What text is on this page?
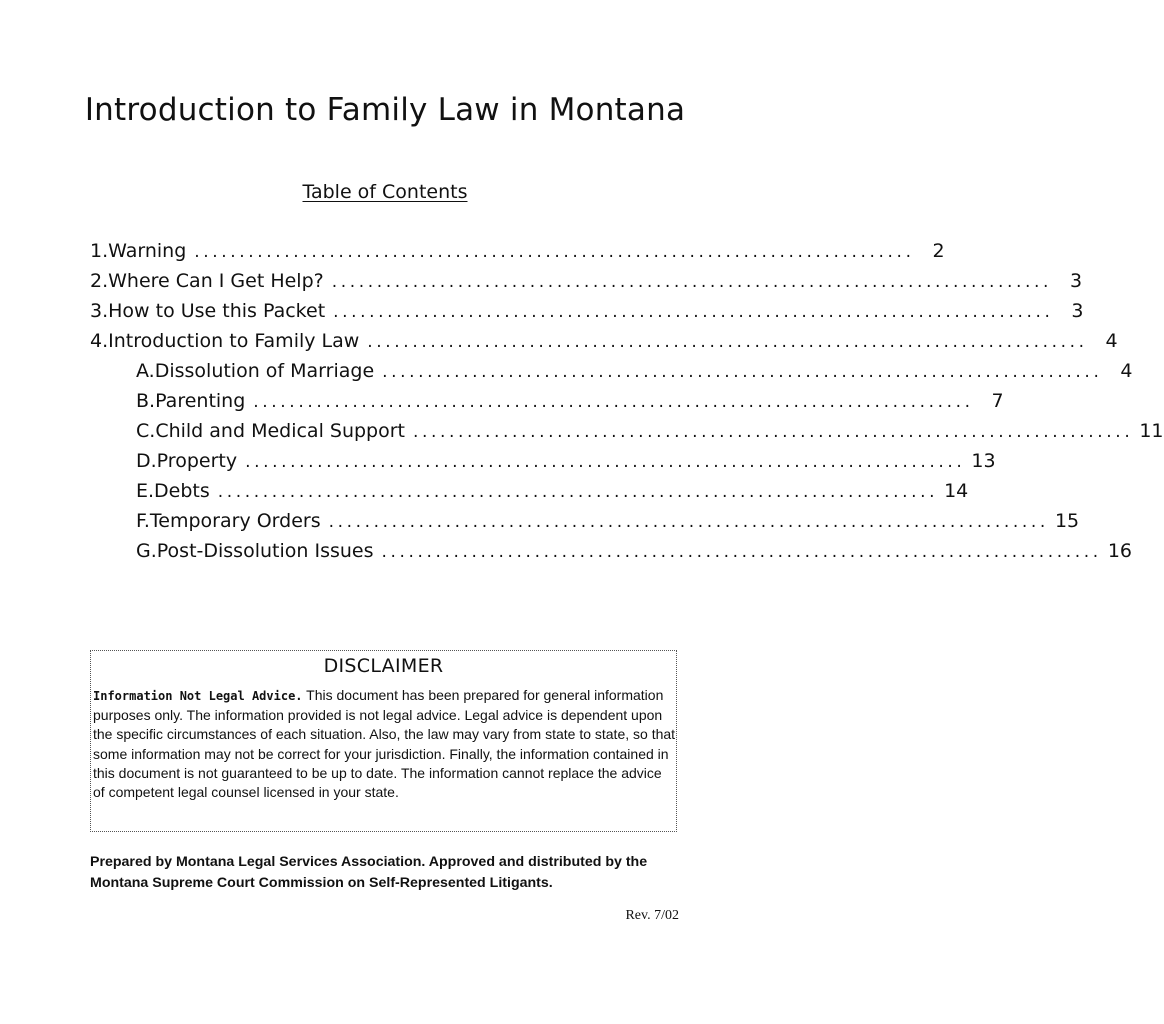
Introduction to Family Law in Montana
Table of Contents
1. Warning ................................................................................ 2
2. Where Can I Get Help? ................................................................................ 3
3. How to Use this Packet ................................................................................ 3
4. Introduction to Family Law ................................................................................ 4
A. Dissolution of Marriage ................................................................................ 4
B. Parenting ................................................................................ 7
C. Child and Medical Support ................................................................................ 11
D. Property ................................................................................ 13
E. Debts ................................................................................ 14
F. Temporary Orders ................................................................................ 15
G. Post-Dissolution Issues ................................................................................ 16
DISCLAIMER
Information Not Legal Advice. This document has been prepared for general information purposes only. The information provided is not legal advice. Legal advice is dependent upon the specific circumstances of each situation. Also, the law may vary from state to state, so that some information may not be correct for your jurisdiction. Finally, the information contained in this document is not guaranteed to be up to date. The information cannot replace the advice of competent legal counsel licensed in your state.
Prepared by Montana Legal Services Association. Approved and distributed by the Montana Supreme Court Commission on Self-Represented Litigants.
Rev. 7/02
